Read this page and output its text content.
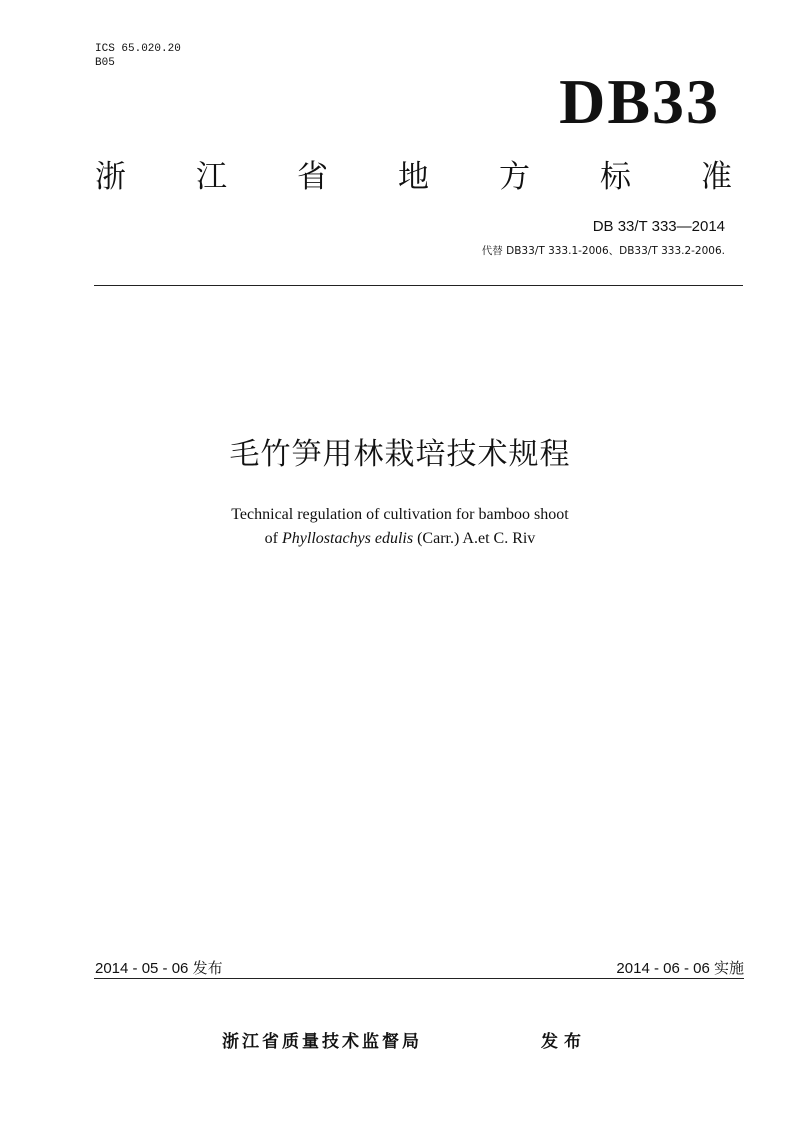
ICS 65.020.20
B05
DB33
浙 江 省 地 方 标 准
DB 33/T 333—2014
代替 DB33/T 333.1-2006、DB33/T 333.2-2006.
毛竹笋用林栽培技术规程
Technical regulation of cultivation for bamboo shoot
of Phyllostachys edulis (Carr.) A.et C. Riv
2014 - 05 - 06 发布	2014 - 06 - 06 实施
浙江省质量技术监督局	发布
